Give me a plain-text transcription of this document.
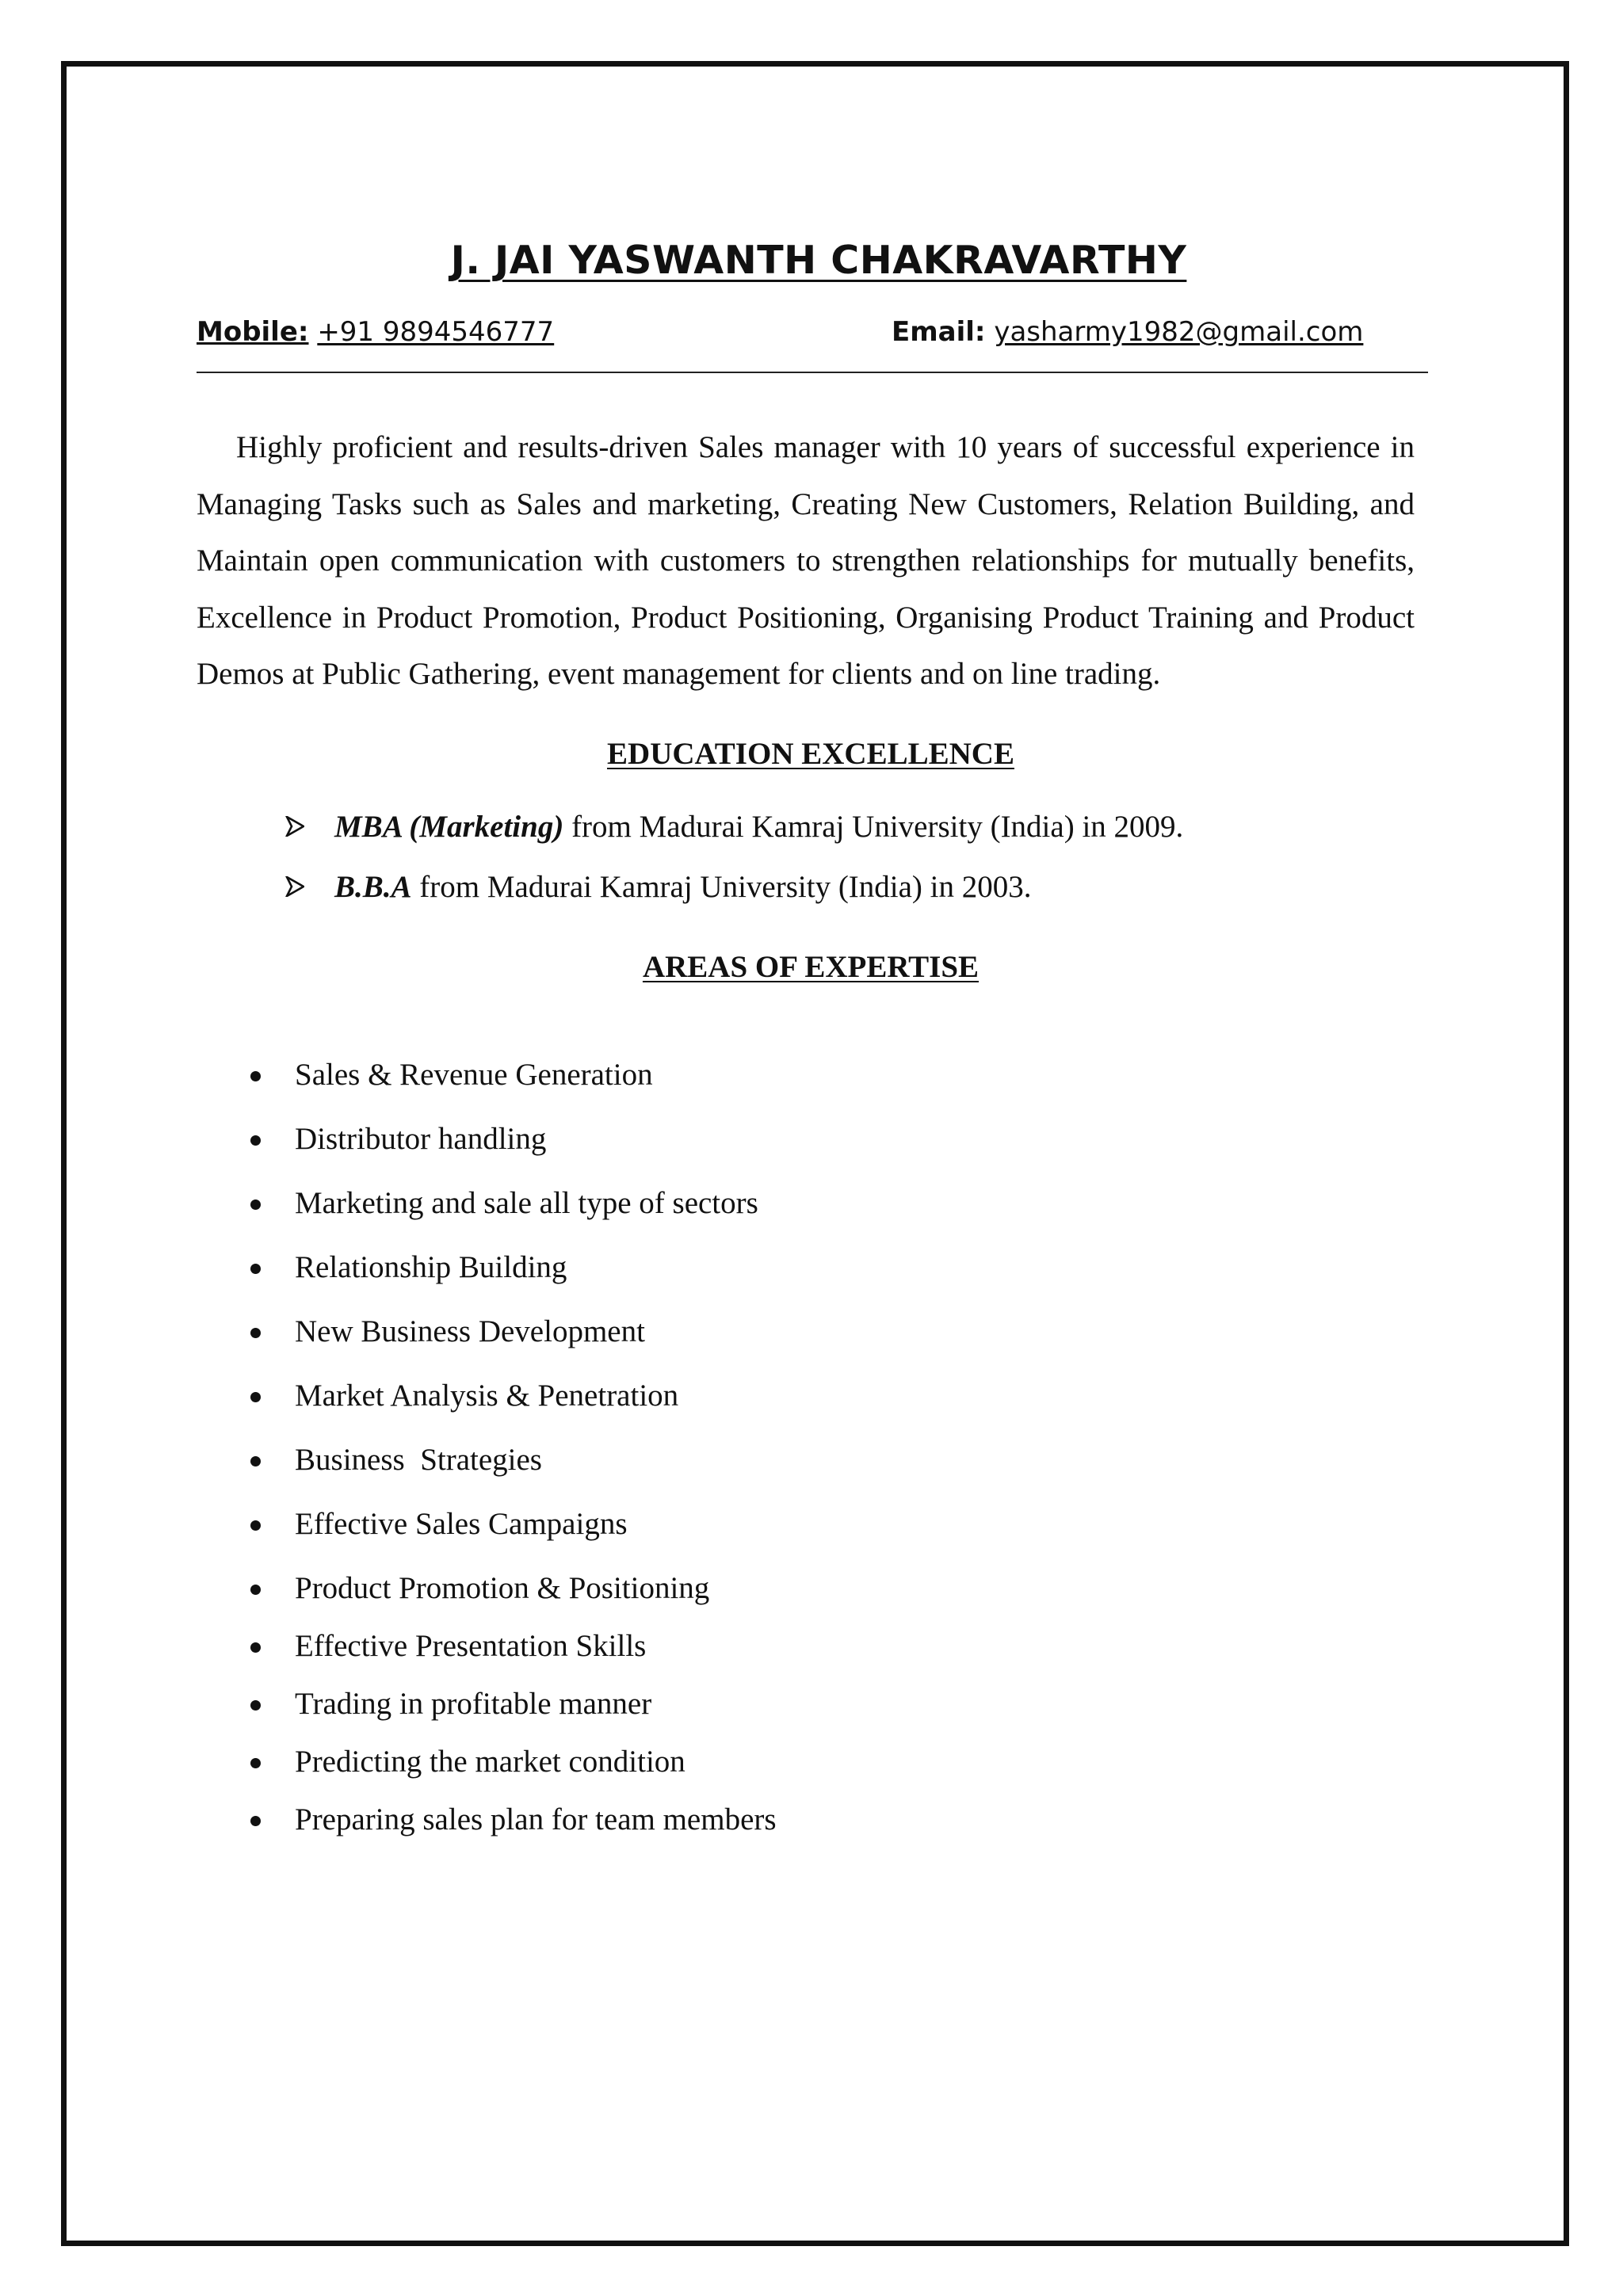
J. JAI YASWANTH CHAKRAVARTHY
Mobile: +91 9894546777	Email: yasharmy1982@gmail.com

Highly proficient and results-driven Sales manager with 10 years of successful experience in Managing Tasks such as Sales and marketing, Creating New Customers, Relation Building, and Maintain open communication with customers to strengthen relationships for mutually benefits, Excellence in Product Promotion, Product Positioning, Organising Product Training and Product Demos at Public Gathering, event management for clients and on line trading.

EDUCATION EXCELLENCE
MBA (Marketing) from Madurai Kamraj University (India) in 2009.
B.B.A from Madurai Kamraj University (India) in 2003.
AREAS OF EXPERTISE
Sales & Revenue Generation
Distributor handling
Marketing and sale all type of sectors
Relationship Building
New Business Development
Market Analysis & Penetration
Business  Strategies
Effective Sales Campaigns
Product Promotion & Positioning
Effective Presentation Skills
Trading in profitable manner
Predicting the market condition
Preparing sales plan for team members
